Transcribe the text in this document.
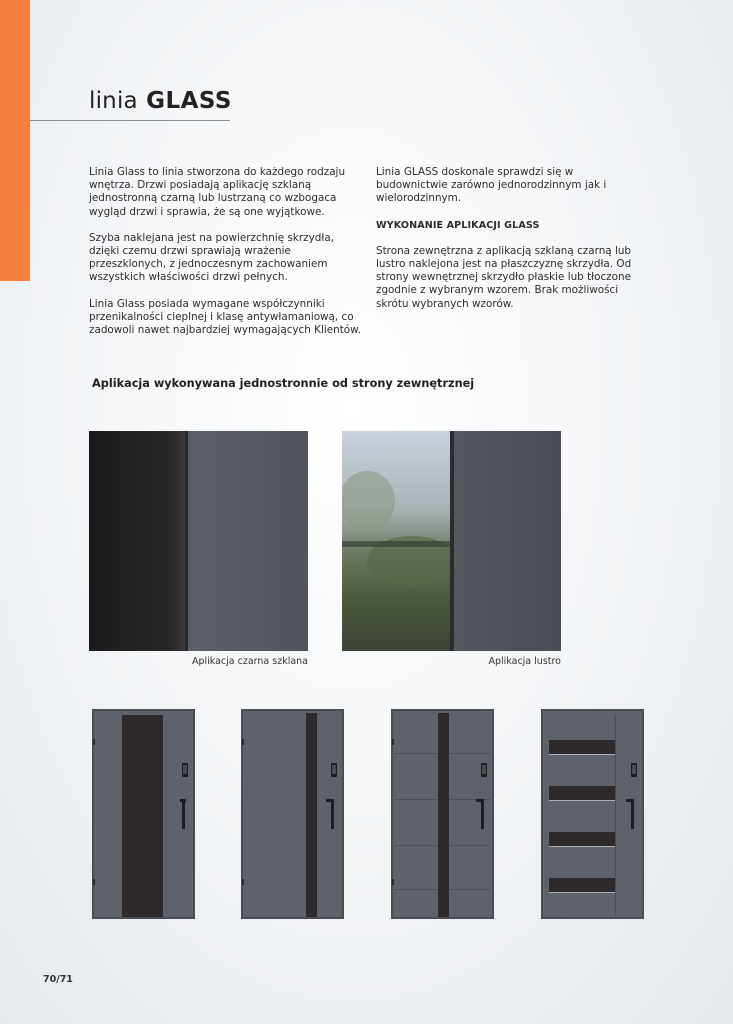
linia GLASS

Linia Glass to linia stworzona do każdego rodzaju wnętrza. Drzwi posiadają aplikację szklaną jednostronną czarną lub lustrzaną co wzbogaca wygląd drzwi i sprawia, że są one wyjątkowe.

Szyba naklejana jest na powierzchnię skrzydła, dzięki czemu drzwi sprawiają wrażenie przeszklonych, z jednoczesnym zachowaniem wszystkich właściwości drzwi pełnych.

Linia Glass posiada wymagane współczynniki przenikalności cieplnej i klasę antywłamaniową, co zadowoli nawet najbardziej wymagających Klientów.

Linia GLASS doskonale sprawdzi się w budownictwie zarówno jednorodzinnym jak i wielorodzinnym.

WYKONANIE APLIKACJI GLASS

Strona zewnętrzna z aplikacją szklaną czarną lub lustro naklejona jest na płaszczyznę skrzydła. Od strony wewnętrznej skrzydło płaskie lub tłoczone zgodnie z wybranym wzorem. Brak możliwości skrótu wybranych wzorów.

Aplikacja wykonywana jednostronnie od strony zewnętrznej
Aplikacja czarna szklana	Aplikacja lustro
70/71
